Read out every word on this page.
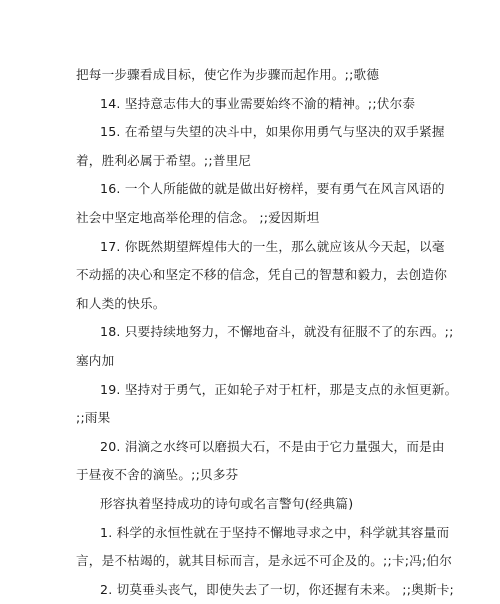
把每一步骤看成目标，使它作为步骤而起作用。;;歌德
14. 坚持意志伟大的事业需要始终不渝的精神。;;伏尔泰
15. 在希望与失望的决斗中，如果你用勇气与坚决的双手紧握
着，胜利必属于希望。;;普里尼
16. 一个人所能做的就是做出好榜样，要有勇气在风言风语的
社会中坚定地高举伦理的信念。 ;;爱因斯坦
17. 你既然期望辉煌伟大的一生，那么就应该从今天起，以毫
不动摇的决心和坚定不移的信念，凭自己的智慧和毅力，去创造你
和人类的快乐。
18. 只要持续地努力，不懈地奋斗，就没有征服不了的东西。;;
塞内加
19. 坚持对于勇气，正如轮子对于杠杆，那是支点的永恒更新。
;;雨果
20. 涓滴之水终可以磨损大石，不是由于它力量强大，而是由
于昼夜不舍的滴坠。;;贝多芬
形容执着坚持成功的诗句或名言警句(经典篇)
1. 科学的永恒性就在于坚持不懈地寻求之中，科学就其容量而
言，是不枯竭的，就其目标而言，是永远不可企及的。;;卡;冯;伯尔
2. 切莫垂头丧气，即使失去了一切，你还握有未来。 ;;奥斯卡;
